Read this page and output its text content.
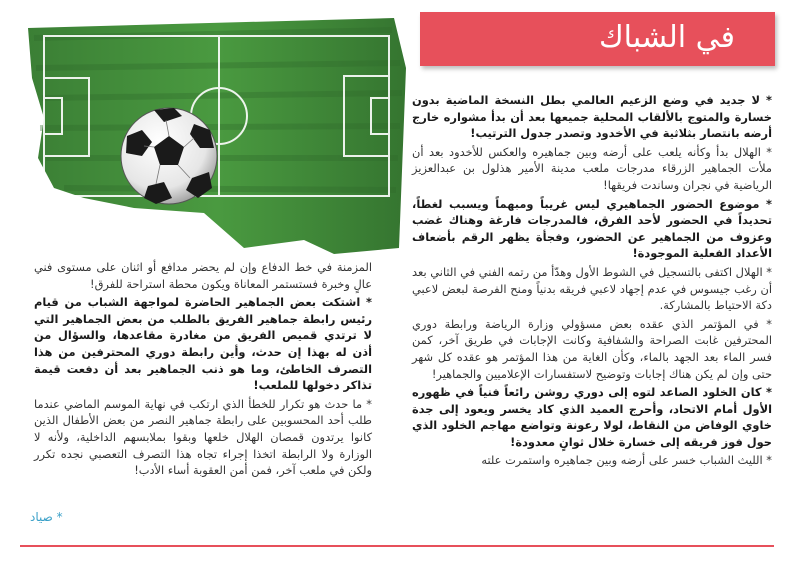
في الشباك

* لا جديد في وضع الزعيم العالمي بطل النسخة الماضية بدون خسارة والمتوج بالألقاب المحلية جميعها بعد أن بدأ مشواره خارج أرضه بانتصار بثلاثية في الأخدود وتصدر جدول الترتيب!

* الهلال بدأ وكأنه يلعب على أرضه وبين جماهيره والعكس للأخدود بعد أن ملأت الجماهير الزرقاء مدرجات ملعب مدينة الأمير هذلول بن عبدالعزيز الرياضية في نجران وساندت فريقها!

* موضوع الحضور الجماهيري ليس غريباً ومبهماً ويسبب لغطاً، تحديداً في الحضور لأحد الفرق، فالمدرجات فارغة وهناك غضب وعزوف من الجماهير عن الحضور، وفجأة يظهر الرقم بأضعاف الأعداد الفعلية الموجودة!

* الهلال اكتفى بالتسجيل في الشوط الأول وهدّأ من رتمه الفني في الثاني بعد أن رغب جيسوس في عدم إجهاد لاعبي فريقه بدنياً ومنح الفرصة لبعض لاعبي دكة الاحتياط بالمشاركة.

* في المؤتمر الذي عقده بعض مسؤولي وزارة الرياضة ورابطة دوري المحترفين غابت الصراحة والشفافية وكانت الإجابات في طريق آخر، كمن فسر الماء بعد الجهد بالماء، وكأن الغاية من هذا المؤتمر هو عقده كل شهر حتى وإن لم يكن هناك إجابات وتوضيح لاستفسارات الإعلاميين والجماهير!

* كان الخلود الصاعد لتوه إلى دوري روشن رائعاً فنياً في ظهوره الأول أمام الاتحاد، وأحرج العميد الذي كاد يخسر ويعود إلى جدة خاوي الوفاض من النقاط، لولا رعونة وتواضع مهاجم الخلود الذي حول فوز فريقه إلى خسارة خلال ثوانٍ معدودة!

* الليث الشباب خسر على أرضه وبين جماهيره واستمرت علته

المزمنة في خط الدفاع وإن لم يحضر مدافع أو اثنان على مستوى فني عالٍ وخبرة فستستمر المعاناة ويكون محطة استراحة للفرق!

* اشتكت بعض الجماهير الحاضرة لمواجهة الشباب من قيام رئيس رابطة جماهير الفريق بالطلب من بعض الجماهير التي لا ترتدي قميص الفريق من مغادرة مقاعدها، والسؤال من أذن له بهذا إن حدث، وأين رابطة دوري المحترفين من هذا التصرف الخاطئ، وما هو ذنب الجماهير بعد أن دفعت قيمة تذاكر دخولها للملعب!

* ما حدث هو تكرار للخطأ الذي ارتكب في نهاية الموسم الماضي عندما طلب أحد المحسوبين على رابطة جماهير النصر من بعض الأطفال الذين كانوا يرتدون قمصان الهلال خلعها وبقوا بملابسهم الداخلية، ولأنه لا الوزارة ولا الرابطة اتخذا إجراء تجاه هذا التصرف التعصبي نجده تكرر ولكن في ملعب آخر، فمن أمن العقوبة أساء الأدب!

* صياد
